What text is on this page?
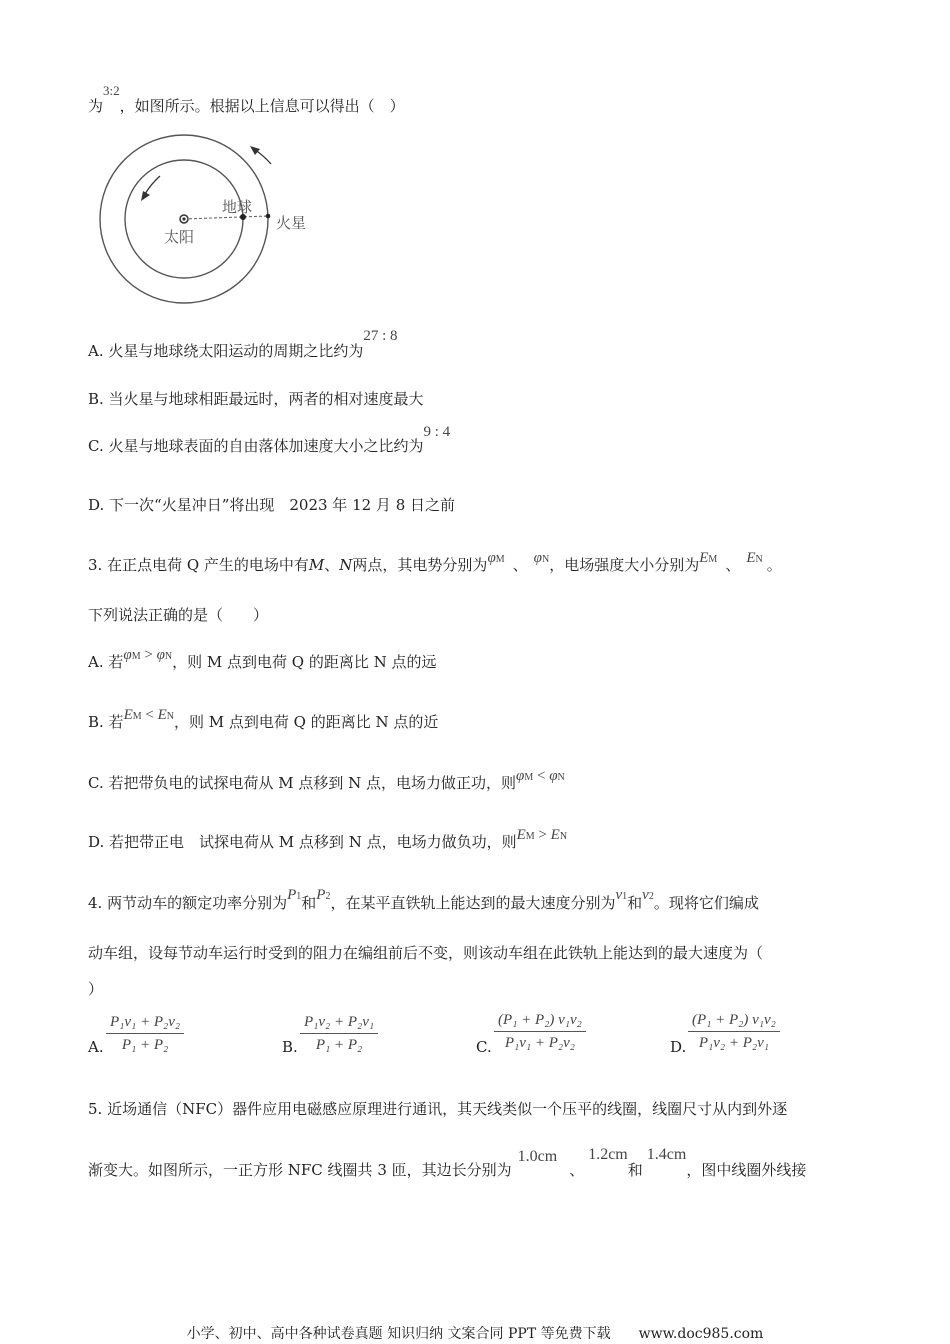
为3:2，如图所示。根据以上信息可以得出（　）
太阳
地球
火星
A. 火星与地球绕太阳运动的周期之比约为27 : 8
B. 当火星与地球相距最远时，两者的相对速度最大
C. 火星与地球表面的自由落体加速度大小之比约为9 : 4
D. 下一次“火星冲日”将出现　2023 年 12 月 8 日之前
3. 在正点电荷 Q 产生的电场中有M、N两点，其电势分别为φM 、 φN，电场强度大小分别为EM 、 EN 。
下列说法正确的是（　　）
A. 若φM > φN，则 M 点到电荷 Q 的距离比 N 点的远
B. 若EM < EN，则 M 点到电荷 Q 的距离比 N 点的近
C. 若把带负电的试探电荷从 M 点移到 N 点，电场力做正功，则φM < φN
D. 若把带正电　试探电荷从 M 点移到 N 点，电场力做负功，则EM > EN
4. 两节动车的额定功率分别为P1和P2，在某平直铁轨上能达到的最大速度分别为v1和v2。现将它们编成
动车组，设每节动车运行时受到的阻力在编组前后不变，则该动车组在此铁轨上能达到的最大速度为（
）
A. $\frac{\text{P₁v₁ + P₂v₂}}{\text{P₁ + P₂}}$	B. $\frac{\text{P₁v₂ + P₂v₁}}{\text{P₁ + P₂}}$	C. $\frac{\text{(P₁ + P₂) v₁v₂}}{\text{P₁v₁ + P₂v₂}}$	D. $\frac{\text{(P₁ + P₂) v₁v₂}}{\text{P₁v₂ + P₂v₁}}$
5. 近场通信（NFC）器件应用电磁感应原理进行通讯，其天线类似一个压平的线圈，线圈尺寸从内到外逐
渐变大。如图所示，一正方形 NFC 线圈共 3 匝，其边长分别为1.0cm、1.2cm和1.4cm，图中线圈外线接
小学、初中、高中各种试卷真题 知识归纳 文案合同 PPT 等免费下载　　www.doc985.com
